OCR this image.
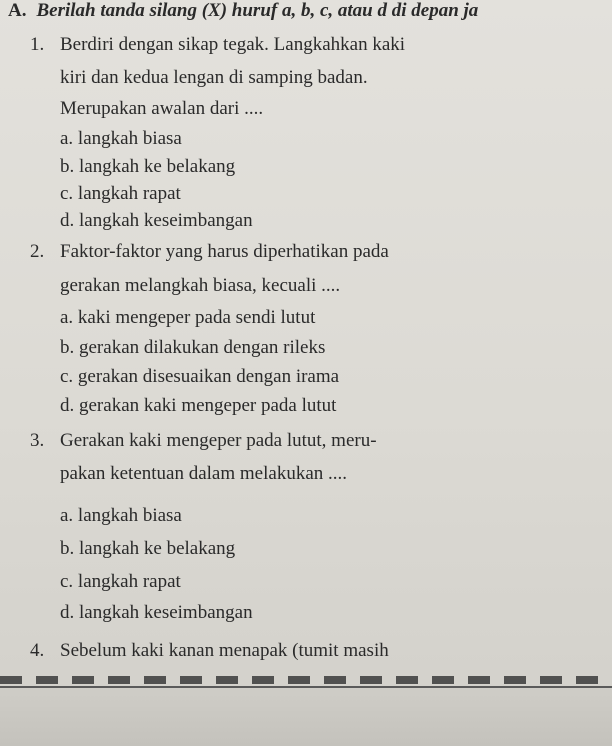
A. Berilah tanda silang (X) huruf a, b, c, atau d di depan ja
1. Berdiri dengan sikap tegak. Langkahkan kaki
kiri dan kedua lengan di samping badan.
Merupakan awalan dari ....
a. langkah biasa
b. langkah ke belakang
c. langkah rapat
d. langkah keseimbangan
2. Faktor-faktor yang harus diperhatikan pada
gerakan melangkah biasa, kecuali ....
a. kaki mengeper pada sendi lutut
b. gerakan dilakukan dengan rileks
c. gerakan disesuaikan dengan irama
d. gerakan kaki mengeper pada lutut
3. Gerakan kaki mengeper pada lutut, meru-
pakan ketentuan dalam melakukan ....
a. langkah biasa
b. langkah ke belakang
c. langkah rapat
d. langkah keseimbangan
4. Sebelum kaki kanan menapak (tumit masih
